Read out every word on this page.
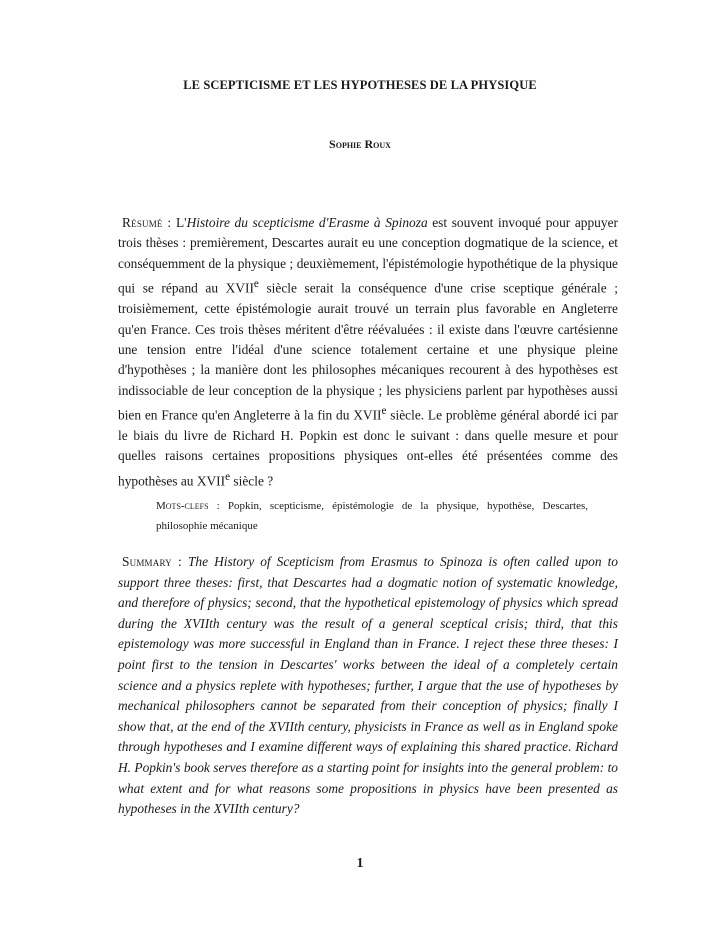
LE SCEPTICISME ET LES HYPOTHESES DE LA PHYSIQUE
Sophie Roux

Résumé : L'Histoire du scepticisme d'Erasme à Spinoza est souvent invoqué pour appuyer trois thèses : premièrement, Descartes aurait eu une conception dogmatique de la science, et conséquemment de la physique ; deuxièmement, l'épistémologie hypothétique de la physique qui se répand au XVIIe siècle serait la conséquence d'une crise sceptique générale ; troisièmement, cette épistémologie aurait trouvé un terrain plus favorable en Angleterre qu'en France. Ces trois thèses méritent d'être réévaluées : il existe dans l'œuvre cartésienne une tension entre l'idéal d'une science totalement certaine et une physique pleine d'hypothèses ; la manière dont les philosophes mécaniques recourent à des hypothèses est indissociable de leur conception de la physique ; les physiciens parlent par hypothèses aussi bien en France qu'en Angleterre à la fin du XVIIe siècle. Le problème général abordé ici par le biais du livre de Richard H. Popkin est donc le suivant : dans quelle mesure et pour quelles raisons certaines propositions physiques ont-elles été présentées comme des hypothèses au XVIIe siècle ?

Mots-clefs : Popkin, scepticisme, épistémologie de la physique, hypothèse, Descartes, philosophie mécanique

Summary : The History of Scepticism from Erasmus to Spinoza is often called upon to support three theses: first, that Descartes had a dogmatic notion of systematic knowledge, and therefore of physics; second, that the hypothetical epistemology of physics which spread during the XVIIth century was the result of a general sceptical crisis; third, that this epistemology was more successful in England than in France. I reject these three theses: I point first to the tension in Descartes' works between the ideal of a completely certain science and a physics replete with hypotheses; further, I argue that the use of hypotheses by mechanical philosophers cannot be separated from their conception of physics; finally I show that, at the end of the XVIIth century, physicists in France as well as in England spoke through hypotheses and I examine different ways of explaining this shared practice. Richard H. Popkin's book serves therefore as a starting point for insights into the general problem: to what extent and for what reasons some propositions in physics have been presented as hypotheses in the XVIIth century?

1
